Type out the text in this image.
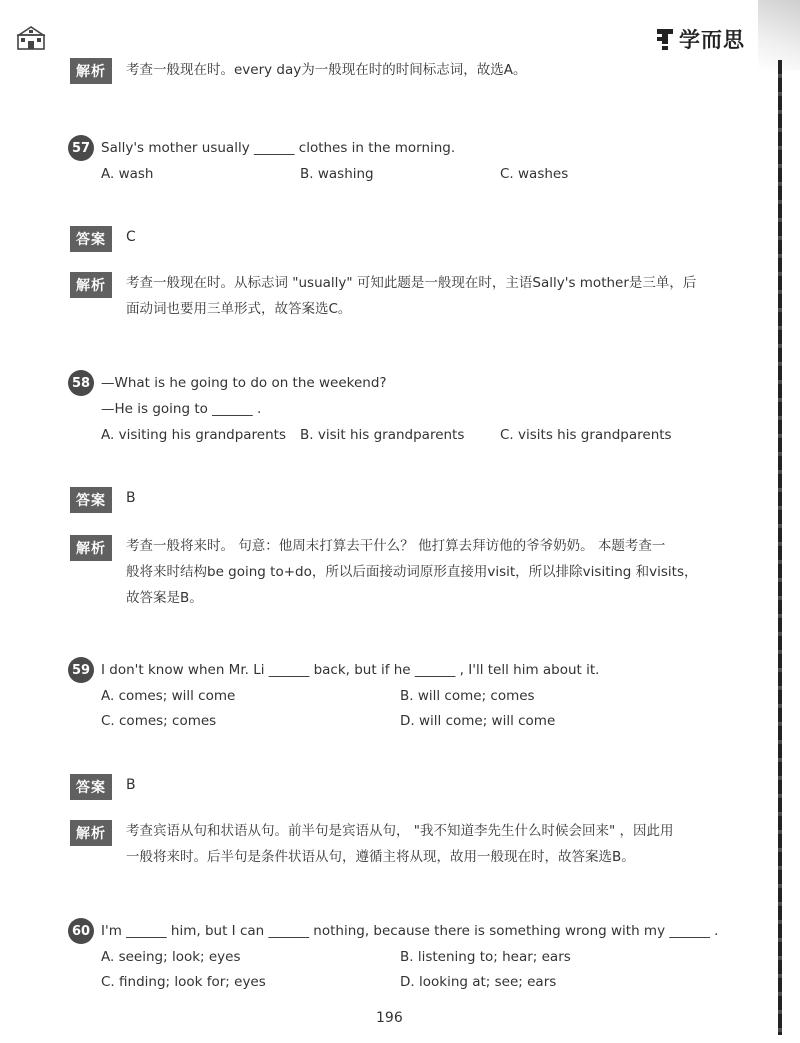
学而思
解析	考查一般现在时。every day为一般现在时的时间标志词，故选A。
57 Sally's mother usually ______ clothes in the morning.
A. wash	B. washing	C. washes
答案	C
解析	考查一般现在时。从标志词 "usually" 可知此题是一般现在时，主语Sally's mother是三单，后
面动词也要用三单形式，故答案选C。
58 —What is he going to do on the weekend?
—He is going to ______ .
A. visiting his grandparents B. visit his grandparents	C. visits his grandparents
答案	B
解析	考查一般将来时。 句意：他周末打算去干什么？ 他打算去拜访他的爷爷奶奶。 本题考查一
般将来时结构be going to+do，所以后面接动词原形直接用visit，所以排除visiting 和visits，
故答案是B。
59 I don't know when Mr. Li ______ back, but if he ______ , I'll tell him about it.
A. comes; will come	B. will come; comes
C. comes; comes	D. will come; will come
答案	B
解析	考查宾语从句和状语从句。前半句是宾语从句， "我不知道李先生什么时候会回来" ，因此用
一般将来时。后半句是条件状语从句，遵循主将从现，故用一般现在时，故答案选B。
60 I'm ______ him, but I can ______ nothing, because there is something wrong with my ______ .
A. seeing; look; eyes	B. listening to; hear; ears
C. finding; look for; eyes	D. looking at; see; ears
196
